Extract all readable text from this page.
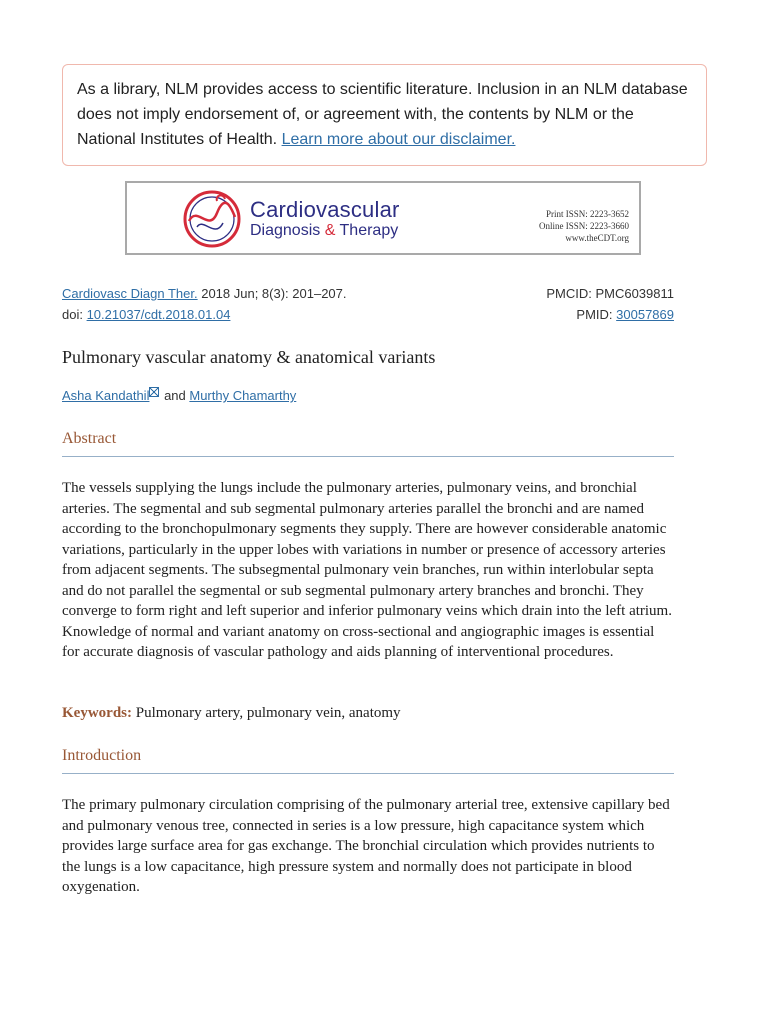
As a library, NLM provides access to scientific literature. Inclusion in an NLM database does not imply endorsement of, or agreement with, the contents by NLM or the National Institutes of Health. Learn more about our disclaimer.
Cardiovascular
Diagnosis & Therapy
Print ISSN: 2223-3652
Online ISSN: 2223-3660
www.theCDT.org
Cardiovasc Diagn Ther. 2018 Jun; 8(3): 201–207.	PMCID: PMC6039811
doi: 10.21037/cdt.2018.01.04	PMID: 30057869
Pulmonary vascular anatomy & anatomical variants
Asha Kandathil and Murthy Chamarthy
Abstract
The vessels supplying the lungs include the pulmonary arteries, pulmonary veins, and bronchial arteries. The segmental and sub segmental pulmonary arteries parallel the bronchi and are named according to the bronchopulmonary segments they supply. There are however considerable anatomic variations, particularly in the upper lobes with variations in number or presence of accessory arteries from adjacent segments. The subsegmental pulmonary vein branches, run within interlobular septa and do not parallel the segmental or sub segmental pulmonary artery branches and bronchi. They converge to form right and left superior and inferior pulmonary veins which drain into the left atrium. Knowledge of normal and variant anatomy on cross-sectional and angiographic images is essential for accurate diagnosis of vascular pathology and aids planning of interventional procedures.
Keywords: Pulmonary artery, pulmonary vein, anatomy
Introduction
The primary pulmonary circulation comprising of the pulmonary arterial tree, extensive capillary bed and pulmonary venous tree, connected in series is a low pressure, high capacitance system which provides large surface area for gas exchange. The bronchial circulation which provides nutrients to the lungs is a low capacitance, high pressure system and normally does not participate in blood oxygenation.
